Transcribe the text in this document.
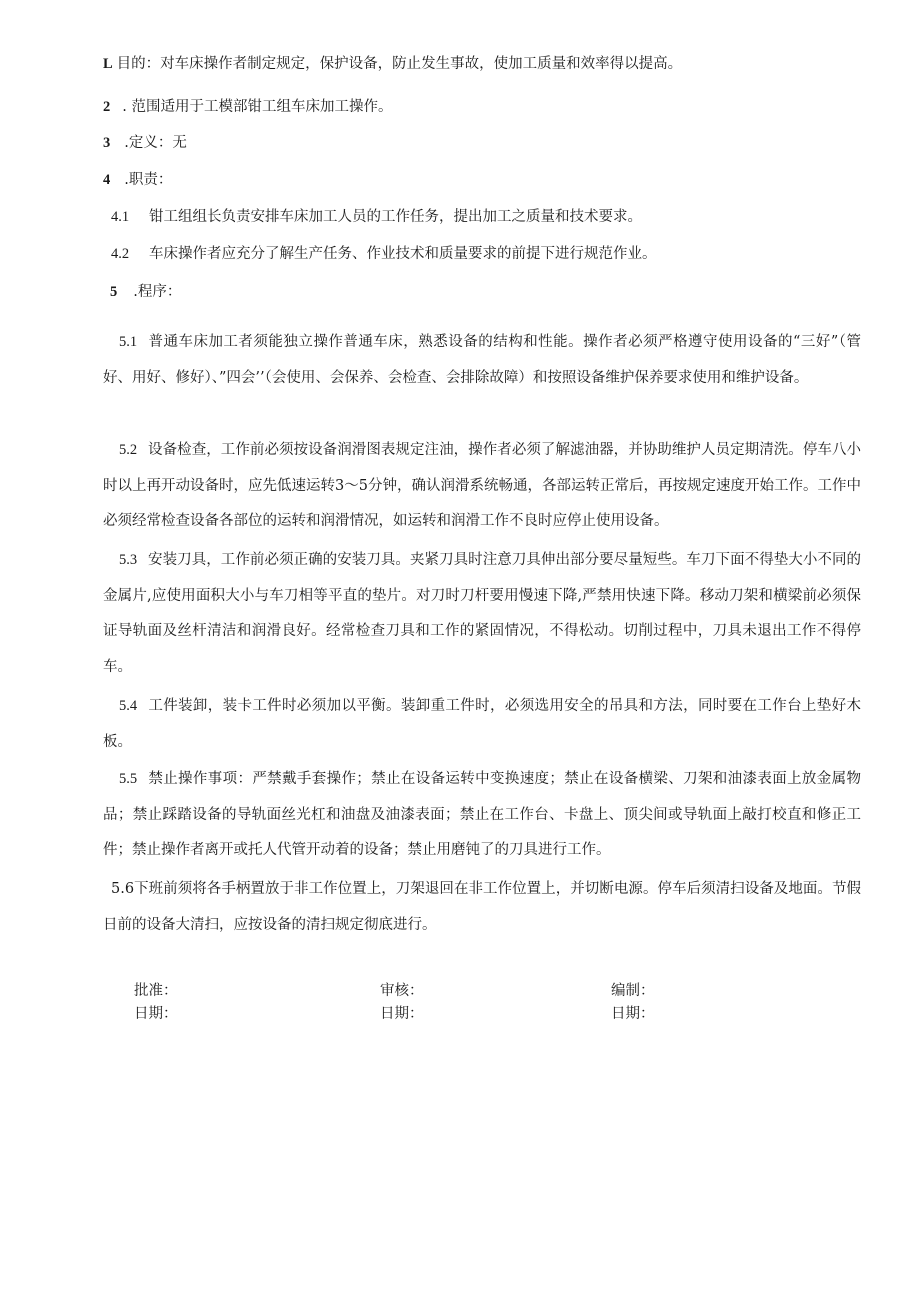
L 目的：对车床操作者制定规定，保护设备，防止发生事故，使加工质量和效率得以提高。
2 . 范围适用于工模部钳工组车床加工操作。
3 .定义：无
4 .职责：
4.1 钳工组组长负责安排车床加工人员的工作任务，提出加工之质量和技术要求。
4.2 车床操作者应充分了解生产任务、作业技术和质量要求的前提下进行规范作业。
5 .程序：
5.1 普通车床加工者须能独立操作普通车床，熟悉设备的结构和性能。操作者必须严格遵守使用设备的“三好”（管好、用好、修好）、”四会’’（会使用、会保养、会检查、会排除故障）和按照设备维护保养要求使用和维护设备。
5.2 设备检查，工作前必须按设备润滑图表规定注油，操作者必须了解滤油器，并协助维护人员定期清洗。停车八小时以上再开动设备时，应先低速运转3～5分钟，确认润滑系统畅通，各部运转正常后，再按规定速度开始工作。工作中必须经常检查设备各部位的运转和润滑情况，如运转和润滑工作不良时应停止使用设备。
5.3 安装刀具，工作前必须正确的安装刀具。夹紧刀具时注意刀具伸出部分要尽量短些。车刀下面不得垫大小不同的金属片,应使用面积大小与车刀相等平直的垫片。对刀时刀杆要用慢速下降,严禁用快速下降。移动刀架和横梁前必须保证导轨面及丝杆清洁和润滑良好。经常检查刀具和工作的紧固情况，不得松动。切削过程中，刀具未退出工作不得停车。
5.4 工件装卸，装卡工件时必须加以平衡。装卸重工件时，必须选用安全的吊具和方法，同时要在工作台上垫好木板。
5.5 禁止操作事项：严禁戴手套操作；禁止在设备运转中变换速度；禁止在设备横梁、刀架和油漆表面上放金属物品；禁止踩踏设备的导轨面丝光杠和油盘及油漆表面；禁止在工作台、卡盘上、顶尖间或导轨面上敲打校直和修正工件；禁止操作者离开或托人代管开动着的设备；禁止用磨钝了的刀具进行工作。
5.6下班前须将各手柄置放于非工作位置上，刀架退回在非工作位置上，并切断电源。停车后须清扫设备及地面。节假日前的设备大清扫，应按设备的清扫规定彻底进行。
批准：	审核：	编制：
日期：	日期：	日期：
